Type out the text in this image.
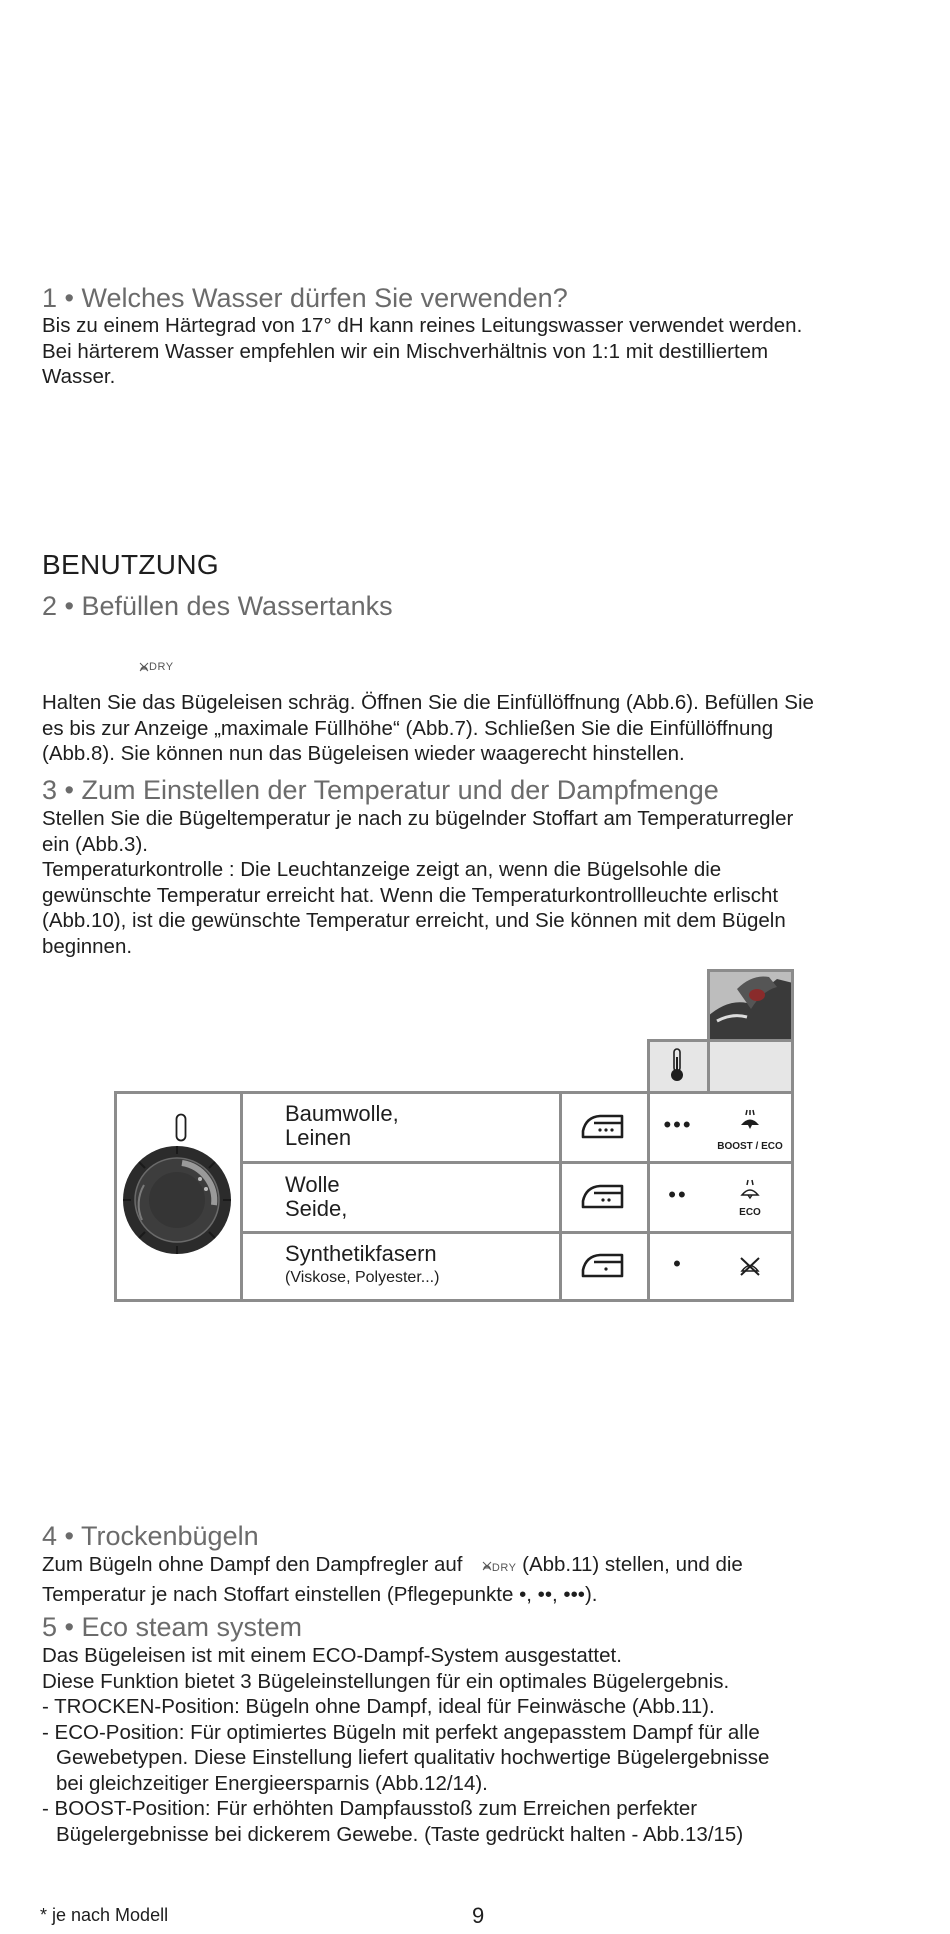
1 • Welches Wasser dürfen Sie verwenden?
Bis zu einem Härtegrad von 17° dH kann reines Leitungswasser verwendet werden.
Bei härterem Wasser empfehlen wir ein Mischverhältnis von 1:1 mit destilliertem
Wasser.
BENUTZUNG
2 • Befüllen des Wassertanks
DRY
Halten Sie das Bügeleisen schräg. Öffnen Sie die Einfüllöffnung (Abb.6). Befüllen Sie
es bis zur Anzeige „maximale Füllhöhe“ (Abb.7). Schließen Sie die Einfüllöffnung
(Abb.8). Sie können nun das Bügeleisen wieder waagerecht hinstellen.
3 • Zum Einstellen der Temperatur und der Dampfmenge
Stellen Sie die Bügeltemperatur je nach zu bügelnder Stoffart am Temperaturregler
ein (Abb.3).
Temperaturkontrolle : Die Leuchtanzeige zeigt an, wenn die Bügelsohle die
gewünschte Temperatur erreicht hat. Wenn die Temperaturkontrollleuchte erlischt
(Abb.10), ist die gewünschte Temperatur erreicht, und Sie können mit dem Bügeln
beginnen.
Baumwolle,
Leinen
Wolle
Seide,
Synthetikfasern
(Viskose, Polyester...)
•••
••
•
BOOST / ECO
ECO
4 • Trockenbügeln
Zum Bügeln ohne Dampf den Dampfregler auf	DRY (Abb.11) stellen, und die
Temperatur je nach Stoffart einstellen (Pflegepunkte •, ••, •••).
5 • Eco steam system
Das Bügeleisen ist mit einem ECO-Dampf-System ausgestattet.
Diese Funktion bietet 3 Bügeleinstellungen für ein optimales Bügelergebnis.
- TROCKEN-Position: Bügeln ohne Dampf, ideal für Feinwäsche (Abb.11).
- ECO-Position: Für optimiertes Bügeln mit perfekt angepasstem Dampf für alle
Gewebetypen. Diese Einstellung liefert qualitativ hochwertige Bügelergebnisse
bei gleichzeitiger Energieersparnis (Abb.12/14).
- BOOST-Position: Für erhöhten Dampfausstoß zum Erreichen perfekter
Bügelergebnisse bei dickerem Gewebe. (Taste gedrückt halten - Abb.13/15)
* je nach Modell	9
